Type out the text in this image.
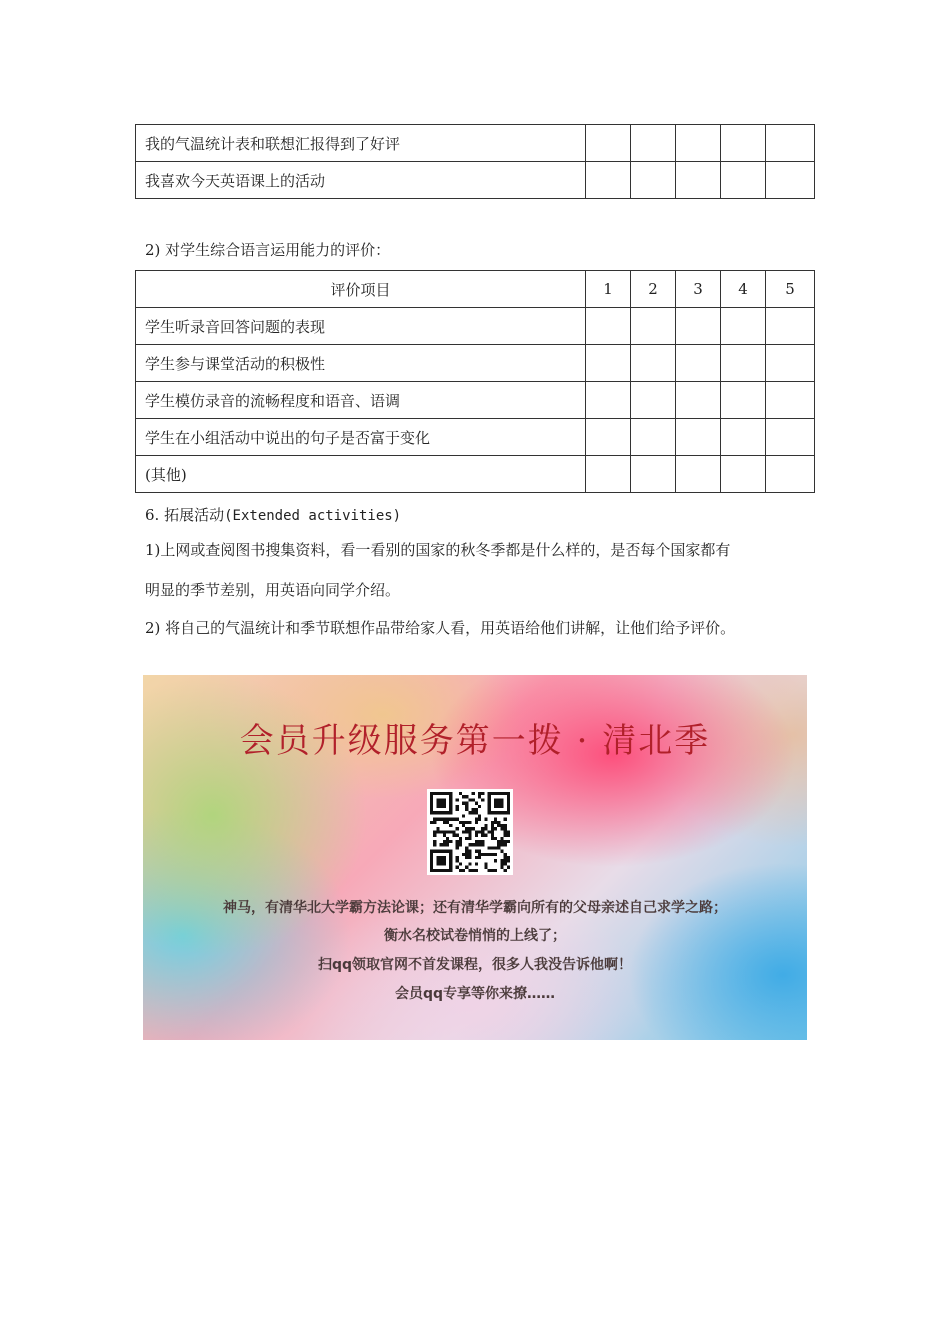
我的气温统计表和联想汇报得到了好评					
我喜欢今天英语课上的活动					
2) 对学生综合语言运用能力的评价：
评价项目	1	2	3	4	5
学生听录音回答问题的表现					
学生参与课堂活动的积极性					
学生模仿录音的流畅程度和语音、语调					
学生在小组活动中说出的句子是否富于变化					
(其他)					
6. 拓展活动(Extended activities)
1)上网或查阅图书搜集资料，看一看别的国家的秋冬季都是什么样的，是否每个国家都有
明显的季节差别，用英语向同学介绍。
2) 将自己的气温统计和季节联想作品带给家人看，用英语给他们讲解，让他们给予评价。
会员升级服务第一拨 · 清北季
神马，有清华北大学霸方法论课；还有清华学霸向所有的父母亲述自己求学之路；
衡水名校试卷悄悄的上线了；
扫qq领取官网不首发课程，很多人我没告诉他啊！
会员qq专享等你来撩……
